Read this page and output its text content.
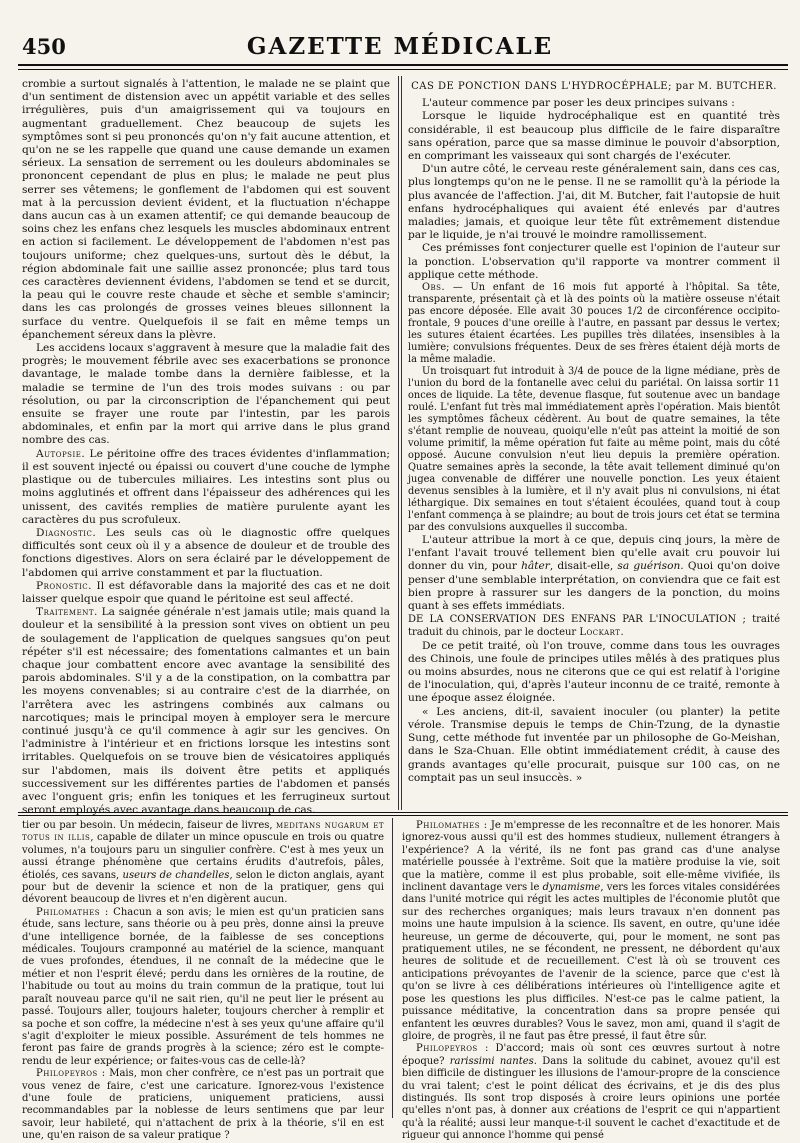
450	GAZETTE MÉDICALE

crombie a surtout signalés à l'attention, le malade ne se plaint que d'un sentiment de distension avec un appétit variable et des selles irrégulières, puis d'un amaigrissement qui va toujours en augmentant graduellement. Chez beaucoup de sujets les symptômes sont si peu prononcés qu'on n'y fait aucune attention, et qu'on ne se les rappelle que quand une cause demande un examen sérieux. La sensation de serrement ou les douleurs abdominales se prononcent cependant de plus en plus; le malade ne peut plus serrer ses vêtemens; le gonflement de l'abdomen qui est souvent mat à la percussion devient évident, et la fluctuation n'échappe dans aucun cas à un examen attentif; ce qui demande beaucoup de soins chez les enfans chez lesquels les muscles abdominaux entrent en action si facilement. Le développement de l'abdomen n'est pas toujours uniforme; chez quelques-uns, surtout dès le début, la région abdominale fait une saillie assez prononcée; plus tard tous ces caractères deviennent évidens, l'abdomen se tend et se durcit, la peau qui le couvre reste chaude et sèche et semble s'amincir; dans les cas prolongés de grosses veines bleues sillonnent la surface du ventre. Quelquefois il se fait en même temps un épanchement séreux dans la plèvre.

Les accidens locaux s'aggravent à mesure que la maladie fait des progrès; le mouvement fébrile avec ses exacerbations se prononce davantage, le malade tombe dans la dernière faiblesse, et la maladie se termine de l'un des trois modes suivans : ou par résolution, ou par la circonscription de l'épanchement qui peut ensuite se frayer une route par l'intestin, par les parois abdominales, et enfin par la mort qui arrive dans le plus grand nombre des cas.

Autopsie. Le péritoine offre des traces évidentes d'inflammation; il est souvent injecté ou épaissi ou couvert d'une couche de lymphe plastique ou de tubercules miliaires. Les intestins sont plus ou moins agglutinés et offrent dans l'épaisseur des adhérences qui les unissent, des cavités remplies de matière purulente ayant les caractères du pus scrofuleux.

Diagnostic. Les seuls cas où le diagnostic offre quelques difficultés sont ceux où il y a absence de douleur et de trouble des fonctions digestives. Alors on sera éclairé par le développement de l'abdomen qui arrive constamment et par la fluctuation.

Pronostic. Il est défavorable dans la majorité des cas et ne doit laisser quelque espoir que quand le péritoine est seul affecté.

Traitement. La saignée générale n'est jamais utile; mais quand la douleur et la sensibilité à la pression sont vives on obtient un peu de soulagement de l'application de quelques sangsues qu'on peut répéter s'il est nécessaire; des fomentations calmantes et un bain chaque jour combattent encore avec avantage la sensibilité des parois abdominales. S'il y a de la constipation, on la combattra par les moyens convenables; si au contraire c'est de la diarrhée, on l'arrêtera avec les astringens combinés aux calmans ou narcotiques; mais le principal moyen à employer sera le mercure continué jusqu'à ce qu'il commence à agir sur les gencives. On l'administre à l'intérieur et en frictions lorsque les intestins sont irritables. Quelquefois on se trouve bien de vésicatoires appliqués sur l'abdomen, mais ils doivent être petits et appliqués successivement sur les différentes parties de l'abdomen et pansés avec l'onguent gris; enfin les toniques et les ferrugineux surtout seront employés avec avantage dans beaucoup de cas.

CAS DE PONCTION DANS L'HYDROCÉPHALE; par M. BUTCHER.

L'auteur commence par poser les deux principes suivans :

Lorsque le liquide hydrocéphalique est en quantité très considérable, il est beaucoup plus difficile de le faire disparaître sans opération, parce que sa masse diminue le pouvoir d'absorption, en comprimant les vaisseaux qui sont chargés de l'exécuter.

D'un autre côté, le cerveau reste généralement sain, dans ces cas, plus longtemps qu'on ne le pense. Il ne se ramollit qu'à la période la plus avancée de l'affection. J'ai, dit M. Butcher, fait l'autopsie de huit enfans hydrocéphaliques qui avaient été enlevés par d'autres maladies; jamais, et quoique leur tête fût extrêmement distendue par le liquide, je n'ai trouvé le moindre ramollissement.

Ces prémisses font conjecturer quelle est l'opinion de l'auteur sur la ponction. L'observation qu'il rapporte va montrer comment il applique cette méthode.

Obs. — Un enfant de 16 mois fut apporté à l'hôpital. Sa tête, transparente, présentait çà et là des points où la matière osseuse n'était pas encore déposée. Elle avait 30 pouces 1/2 de circonférence occipito-frontale, 9 pouces d'une oreille à l'autre, en passant par dessus le vertex; les sutures étaient écartées. Les pupilles très dilatées, insensibles à la lumière; convulsions fréquentes. Deux de ses frères étaient déjà morts de la même maladie.

Un troisquart fut introduit à 3/4 de pouce de la ligne médiane, près de l'union du bord de la fontanelle avec celui du pariétal. On laissa sortir 11 onces de liquide. La tête, devenue flasque, fut soutenue avec un bandage roulé. L'enfant fut très mal immédiatement après l'opération. Mais bientôt les symptômes fâcheux cédèrent. Au bout de quatre semaines, la tête s'étant remplie de nouveau, quoiqu'elle n'eût pas atteint la moitié de son volume primitif, la même opération fut faite au même point, mais du côté opposé. Aucune convulsion n'eut lieu depuis la première opération. Quatre semaines après la seconde, la tête avait tellement diminué qu'on jugea convenable de différer une nouvelle ponction. Les yeux étaient devenus sensibles à la lumière, et il n'y avait plus ni convulsions, ni état léthargique. Dix semaines en tout s'étaient écoulées, quand tout à coup l'enfant commença à se plaindre; au bout de trois jours cet état se termina par des convulsions auxquelles il succomba.

L'auteur attribue la mort à ce que, depuis cinq jours, la mère de l'enfant l'avait trouvé tellement bien qu'elle avait cru pouvoir lui donner du vin, pour hâter, disait-elle, sa guérison. Quoi qu'on doive penser d'une semblable interprétation, on conviendra que ce fait est bien propre à rassurer sur les dangers de la ponction, du moins quant à ses effets immédiats.

DE LA CONSERVATION DES ENFANS PAR L'INOCULATION ; traité traduit du chinois, par le docteur Lockart.

De ce petit traité, où l'on trouve, comme dans tous les ouvrages des Chinois, une foule de principes utiles mêlés à des pratiques plus ou moins absurdes, nous ne citerons que ce qui est relatif à l'origine de l'inoculation, qui, d'après l'auteur inconnu de ce traité, remonte à une époque assez éloignée.

« Les anciens, dit-il, savaient inoculer (ou planter) la petite vérole. Transmise depuis le temps de Chin-Tzung, de la dynastie Sung, cette méthode fut inventée par un philosophe de Go-Meishan, dans le Sza-Chuan. Elle obtint immédiatement crédit, à cause des grands avantages qu'elle procurait, puisque sur 100 cas, on ne comptait pas un seul insuccès. »

tier ou par besoin. Un médecin, faiseur de livres, meditans nugarum et totus in illis, capable de dilater un mince opuscule en trois ou quatre volumes, n'a toujours paru un singulier confrère. C'est à mes yeux un aussi étrange phénomène que certains érudits d'autrefois, pâles, étiolés, ces savans, useurs de chandelles, selon le dicton anglais, ayant pour but de devenir la science et non de la pratiquer, gens qui dévorent beaucoup de livres et n'en digèrent aucun.

Philomathes : Chacun a son avis; le mien est qu'un praticien sans étude, sans lecture, sans théorie ou à peu près, donne ainsi la preuve d'une intelligence bornée, de la faiblesse de ses conceptions médicales. Toujours cramponné au matériel de la science, manquant de vues profondes, étendues, il ne connaît de la médecine que le métier et non l'esprit élevé; perdu dans les ornières de la routine, de l'habitude ou tout au moins du train commun de la pratique, tout lui paraît nouveau parce qu'il ne sait rien, qu'il ne peut lier le présent au passé. Toujours aller, toujours haleter, toujours chercher à remplir et sa poche et son coffre, la médecine n'est à ses yeux qu'une affaire qu'il s'agit d'exploiter le mieux possible. Assurément de tels hommes ne feront pas faire de grands progrès à la science; zéro est le compte-rendu de leur expérience; or faites-vous cas de celle-là?

Philopeyros : Mais, mon cher confrère, ce n'est pas un portrait que vous venez de faire, c'est une caricature. Ignorez-vous l'existence d'une foule de praticiens, uniquement praticiens, aussi recommandables par la noblesse de leurs sentimens que par leur savoir, leur habileté, qui n'attachent de prix à la théorie, s'il en est une, qu'en raison de sa valeur pratique ?

Philomathes : Je m'empresse de les reconnaître et de les honorer. Mais ignorez-vous aussi qu'il est des hommes studieux, nullement étrangers à l'expérience? A la vérité, ils ne font pas grand cas d'une analyse matérielle poussée à l'extrême. Soit que la matière produise la vie, soit que la matière, comme il est plus probable, soit elle-même vivifiée, ils inclinent davantage vers le dynamisme, vers les forces vitales considérées dans l'unité motrice qui régit les actes multiples de l'économie plutôt que sur des recherches organiques; mais leurs travaux n'en donnent pas moins une haute impulsion à la science. Ils savent, en outre, qu'une idée heureuse, un germe de découverte, qui, pour le moment, ne sont pas pratiquement utiles, ne se fécondent, ne pressent, ne débordent qu'aux heures de solitude et de recueillement. C'est là où se trouvent ces anticipations prévoyantes de l'avenir de la science, parce que c'est là qu'on se livre à ces délibérations intérieures où l'intelligence agite et pose les questions les plus difficiles. N'est-ce pas le calme patient, la puissance méditative, la concentration dans sa propre pensée qui enfantent les œuvres durables? Vous le savez, mon ami, quand il s'agit de gloire, de progrès, il ne faut pas être pressé, il faut être sûr.

Philopeyros : D'accord; mais où sont ces œuvres surtout à notre époque? rarissimi nantes. Dans la solitude du cabinet, avouez qu'il est bien difficile de distinguer les illusions de l'amour-propre de la conscience du vrai talent; c'est le point délicat des écrivains, et je dis des plus distingués. Ils sont trop disposés à croire leurs opinions une portée qu'elles n'ont pas, à donner aux créations de l'esprit ce qui n'appartient qu'à la réalité; aussi leur manque-t-il souvent le cachet d'exactitude et de rigueur qui annonce l'homme qui pensé
